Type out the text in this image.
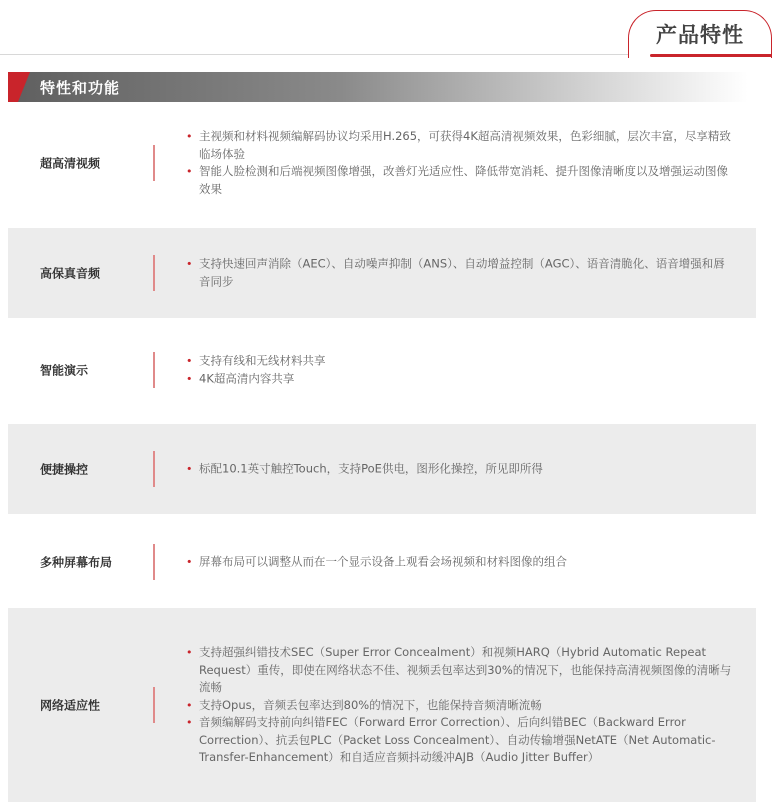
产品特性
特性和功能
超高清视频
• 主视频和材料视频编解码协议均采用H.265，可获得4K超高清视频效果，色彩细腻，层次丰富，尽享精致临场体验
• 智能人脸检测和后端视频图像增强，改善灯光适应性、降低带宽消耗、提升图像清晰度以及增强运动图像效果
高保真音频
• 支持快速回声消除（AEC）、自动噪声抑制（ANS）、自动增益控制（AGC）、语音清脆化、语音增强和唇音同步
智能演示
• 支持有线和无线材料共享
• 4K超高清内容共享
便捷操控	• 标配10.1英寸触控Touch，支持PoE供电，图形化操控，所见即所得
多种屏幕布局	• 屏幕布局可以调整从而在一个显示设备上观看会场视频和材料图像的组合
网络适应性
• 支持超强纠错技术SEC（Super Error Concealment）和视频HARQ（Hybrid Automatic Repeat Request）重传，即使在网络状态不佳、视频丢包率达到30%的情况下，也能保持高清视频图像的清晰与流畅
• 支持Opus，音频丢包率达到80%的情况下，也能保持音频清晰流畅
• 音频编解码支持前向纠错FEC（Forward Error Correction）、后向纠错BEC（Backward Error Correction）、抗丢包PLC（Packet Loss Concealment）、自动传输增强NetATE（Net Automatic-Transfer-Enhancement）和自适应音频抖动缓冲AJB（Audio Jitter Buffer）
